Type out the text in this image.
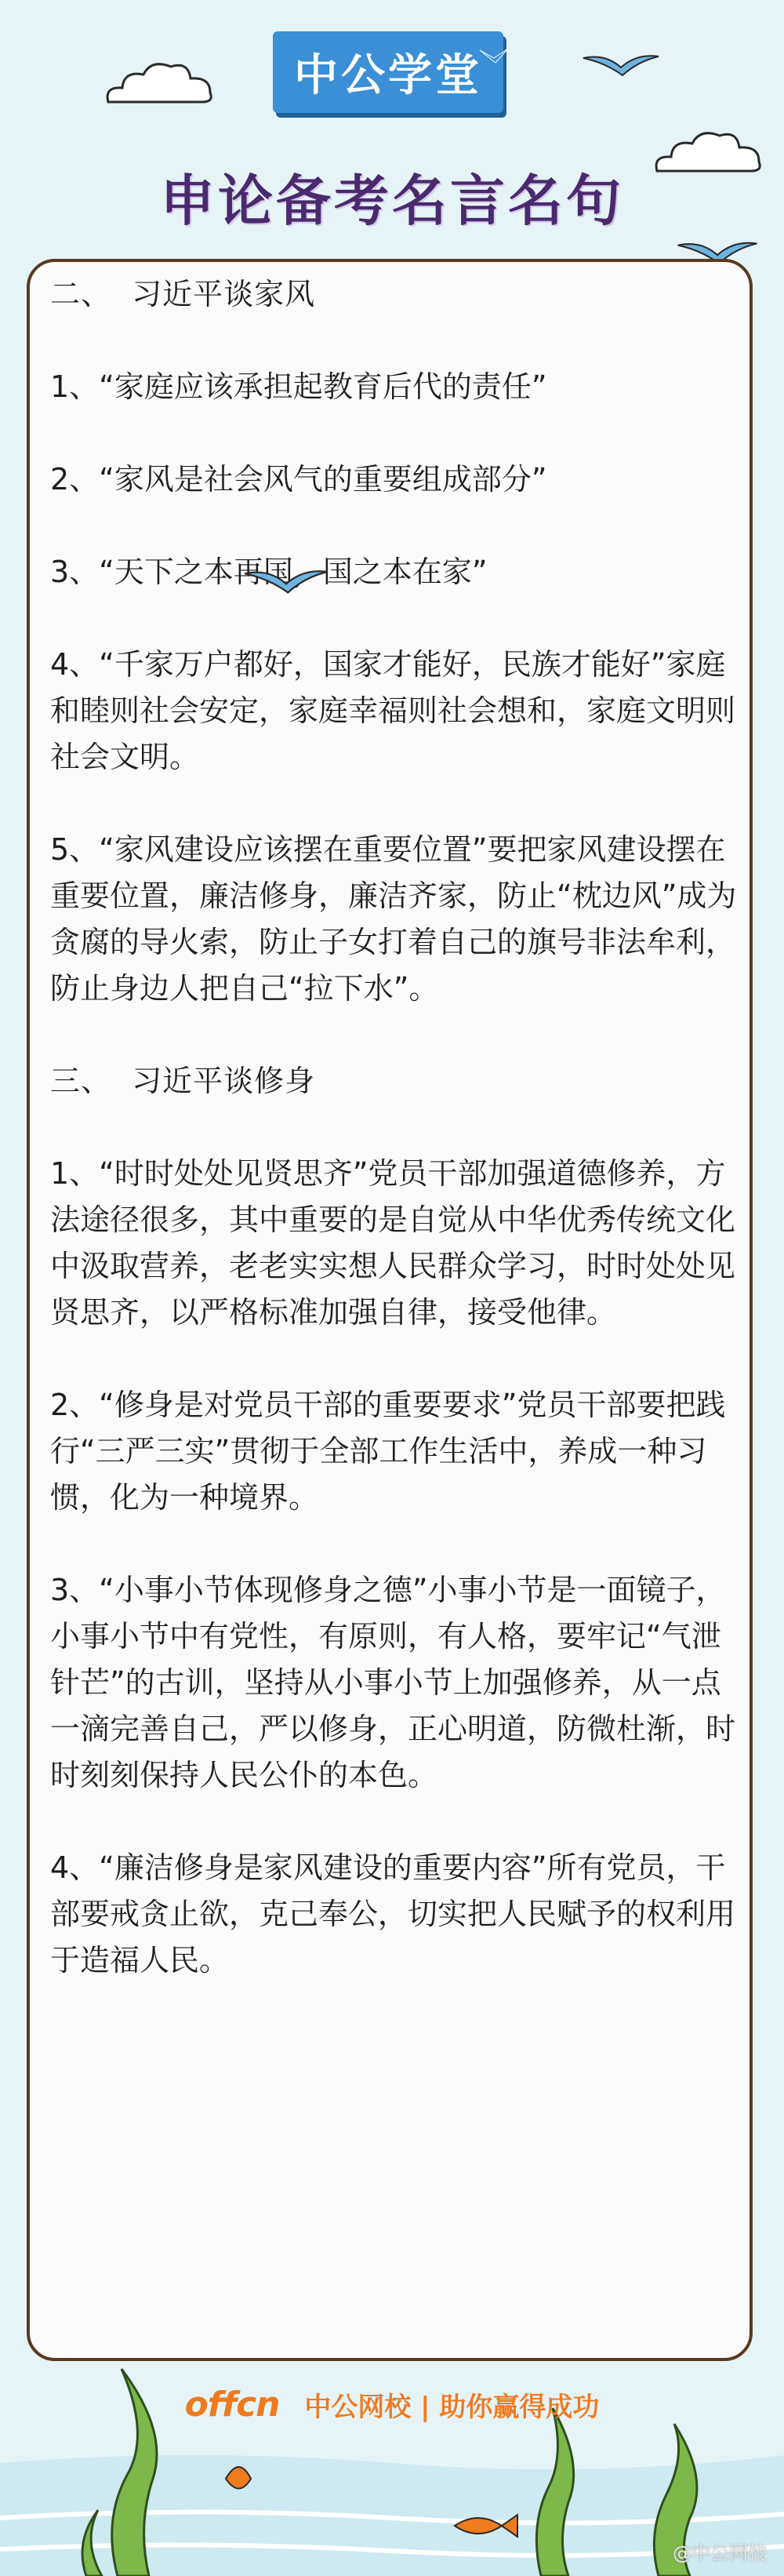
中公学堂
申论备考名言名句

二、  习近平谈家风

1、“家庭应该承担起教育后代的责任”

2、“家风是社会风气的重要组成部分”

3、“天下之本再国，国之本在家”

4、“千家万户都好，国家才能好，民族才能好”家庭和睦则社会安定，家庭幸福则社会想和，家庭文明则社会文明。

5、“家风建设应该摆在重要位置”要把家风建设摆在重要位置，廉洁修身，廉洁齐家，防止“枕边风”成为贪腐的导火索，防止子女打着自己的旗号非法牟利，防止身边人把自己“拉下水”。

三、  习近平谈修身

1、“时时处处见贤思齐”党员干部加强道德修养，方法途径很多，其中重要的是自觉从中华优秀传统文化中汲取营养，老老实实想人民群众学习，时时处处见贤思齐，以严格标准加强自律，接受他律。

2、“修身是对党员干部的重要要求”党员干部要把践行“三严三实”贯彻于全部工作生活中，养成一种习惯，化为一种境界。

3、“小事小节体现修身之德”小事小节是一面镜子，小事小节中有党性，有原则，有人格，要牢记“气泄针芒”的古训，坚持从小事小节上加强修养，从一点一滴完善自己，严以修身，正心明道，防微杜渐，时时刻刻保持人民公仆的本色。

4、“廉洁修身是家风建设的重要内容”所有党员，干部要戒贪止欲，克己奉公，切实把人民赋予的权利用于造福人民。

offcn 中公网校 | 助你赢得成功
@中公网校
